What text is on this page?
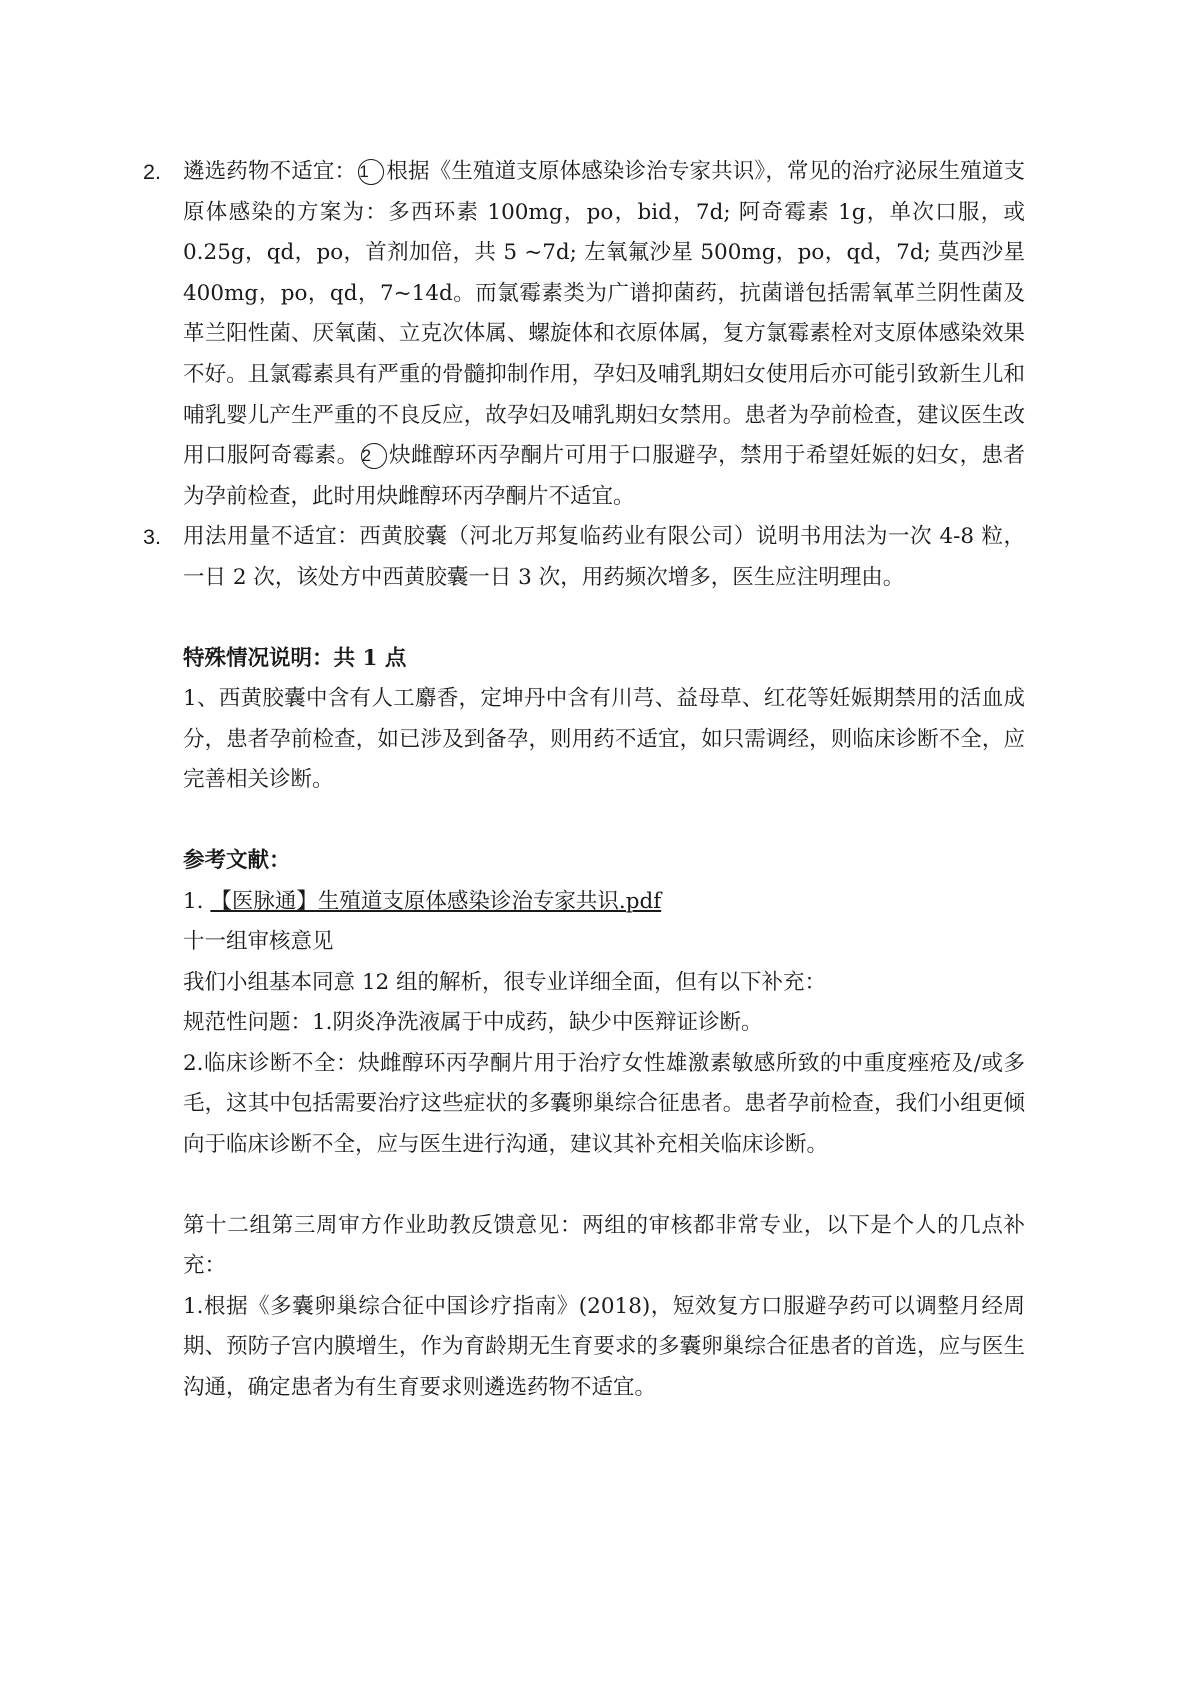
2. 遴选药物不适宜： 1 根据《生殖道支原体感染诊治专家共识》，常见的治疗泌尿生殖道支原体感染的方案为：多西环素 100mg，po，bid，7d; 阿奇霉素 1g，单次口服，或 0.25g，qd，po，首剂加倍，共 5 ~7d; 左氧氟沙星 500mg，po，qd，7d; 莫西沙星 400mg，po，qd，7~14d。而氯霉素类为广谱抑菌药，抗菌谱包括需氧革兰阴性菌及革兰阳性菌、厌氧菌、立克次体属、螺旋体和衣原体属，复方氯霉素栓对支原体感染效果不好。且氯霉素具有严重的骨髓抑制作用，孕妇及哺乳期妇女使用后亦可能引致新生儿和哺乳婴儿产生严重的不良反应，故孕妇及哺乳期妇女禁用。患者为孕前检查，建议医生改用口服阿奇霉素。 2 炔雌醇环丙孕酮片可用于口服避孕，禁用于希望妊娠的妇女，患者为孕前检查，此时用炔雌醇环丙孕酮片不适宜。
3. 用法用量不适宜：西黄胶囊（河北万邦复临药业有限公司）说明书用法为一次 4-8 粒，一日 2 次，该处方中西黄胶囊一日 3 次，用药频次增多，医生应注明理由。
特殊情况说明：共 1 点
1、西黄胶囊中含有人工麝香，定坤丹中含有川芎、益母草、红花等妊娠期禁用的活血成分，患者孕前检查，如已涉及到备孕，则用药不适宜，如只需调经，则临床诊断不全，应完善相关诊断。
参考文献：
1. 【医脉通】生殖道支原体感染诊治专家共识.pdf
十一组审核意见
我们小组基本同意 12 组的解析，很专业详细全面，但有以下补充：
规范性问题：1.阴炎净洗液属于中成药，缺少中医辩证诊断。
2.临床诊断不全：炔雌醇环丙孕酮片用于治疗女性雄激素敏感所致的中重度痤疮及/或多毛，这其中包括需要治疗这些症状的多囊卵巢综合征患者。患者孕前检查，我们小组更倾向于临床诊断不全，应与医生进行沟通，建议其补充相关临床诊断。
第十二组第三周审方作业助教反馈意见：两组的审核都非常专业，以下是个人的几点补充：
1.根据《多囊卵巢综合征中国诊疗指南》(2018)，短效复方口服避孕药可以调整月经周期、预防子宫内膜增生，作为育龄期无生育要求的多囊卵巢综合征患者的首选，应与医生沟通，确定患者为有生育要求则遴选药物不适宜。
